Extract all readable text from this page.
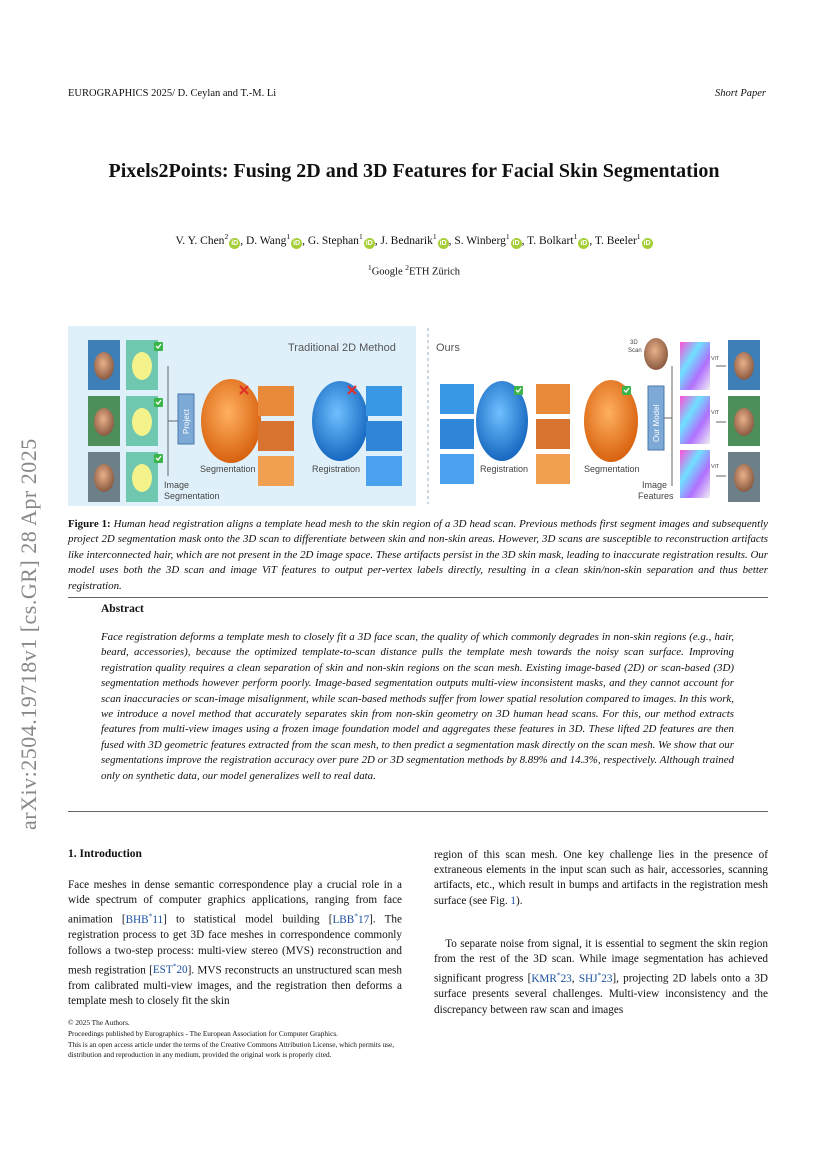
EUROGRAPHICS 2025/ D. Ceylan and T.-M. Li	Short Paper
Pixels2Points: Fusing 2D and 3D Features for Facial Skin Segmentation
V. Y. Chen$^2$iD , D. Wang$^1$iD , G. Stephan$^1$iD , J. Bednarik$^1$iD , S. Winberg$^1$iD , T. Bolkart$^1$iD , T. Beeler$^1$iD
$^1$Google $^2$ETH Zürich
arXiv:2504.19718v1 [cs.GR] 28 Apr 2025
Traditional 2D Method	Ours
Image
Segmentation
Project
Segmentation	Registration	Registration	Segmentation
Our Model
3D
Scan
ViT
ViT
ViT
Image
Features
Figure 1: Human head registration aligns a template head mesh to the skin region of a 3D head scan. Previous methods first segment images and subsequently project 2D segmentation mask onto the 3D scan to differentiate between skin and non-skin areas. However, 3D scans are susceptible to reconstruction artifacts like interconnected hair, which are not present in the 2D image space. These artifacts persist in the 3D skin mask, leading to inaccurate registration results. Our model uses both the 3D scan and image ViT features to output per-vertex labels directly, resulting in a clean skin/non-skin separation and thus better registration.
Abstract
Face registration deforms a template mesh to closely fit a 3D face scan, the quality of which commonly degrades in non-skin regions (e.g., hair, beard, accessories), because the optimized template-to-scan distance pulls the template mesh towards the noisy scan surface. Improving registration quality requires a clean separation of skin and non-skin regions on the scan mesh. Existing image-based (2D) or scan-based (3D) segmentation methods however perform poorly. Image-based segmentation outputs multi-view inconsistent masks, and they cannot account for scan inaccuracies or scan-image misalignment, while scan-based methods suffer from lower spatial resolution compared to images. In this work, we introduce a novel method that accurately separates skin from non-skin geometry on 3D human head scans. For this, our method extracts features from multi-view images using a frozen image foundation model and aggregates these features in 3D. These lifted 2D features are then fused with 3D geometric features extracted from the scan mesh, to then predict a segmentation mask directly on the scan mesh. We show that our segmentations improve the registration accuracy over pure 2D or 3D segmentation methods by 8.89% and 14.3%, respectively. Although trained only on synthetic data, our model generalizes well to real data.
1. Introduction
Face meshes in dense semantic correspondence play a crucial role in a wide spectrum of computer graphics applications, ranging from face animation [BHB*11] to statistical model building [LBB*17]. The registration process to get 3D face meshes in correspondence commonly follows a two-step process: multi-view stereo (MVS) reconstruction and mesh registration [EST*20]. MVS reconstructs an unstructured scan mesh from calibrated multi-view images, and the registration then deforms a template mesh to closely fit the skin
region of this scan mesh. One key challenge lies in the presence of extraneous elements in the input scan such as hair, accessories, scanning artifacts, etc., which result in bumps and artifacts in the registration mesh surface (see Fig. 1).
 To separate noise from signal, it is essential to segment the skin region from the rest of the 3D scan. While image segmentation has achieved significant progress [KMR*23, SHJ*23], projecting 2D labels onto a 3D surface presents several challenges. Multi-view inconsistency and the discrepancy between raw scan and images
© 2025 The Authors.
Proceedings published by Eurographics - The European Association for Computer Graphics.
This is an open access article under the terms of the Creative Commons Attribution License, which permits use, distribution and reproduction in any medium, provided the original work is properly cited.
